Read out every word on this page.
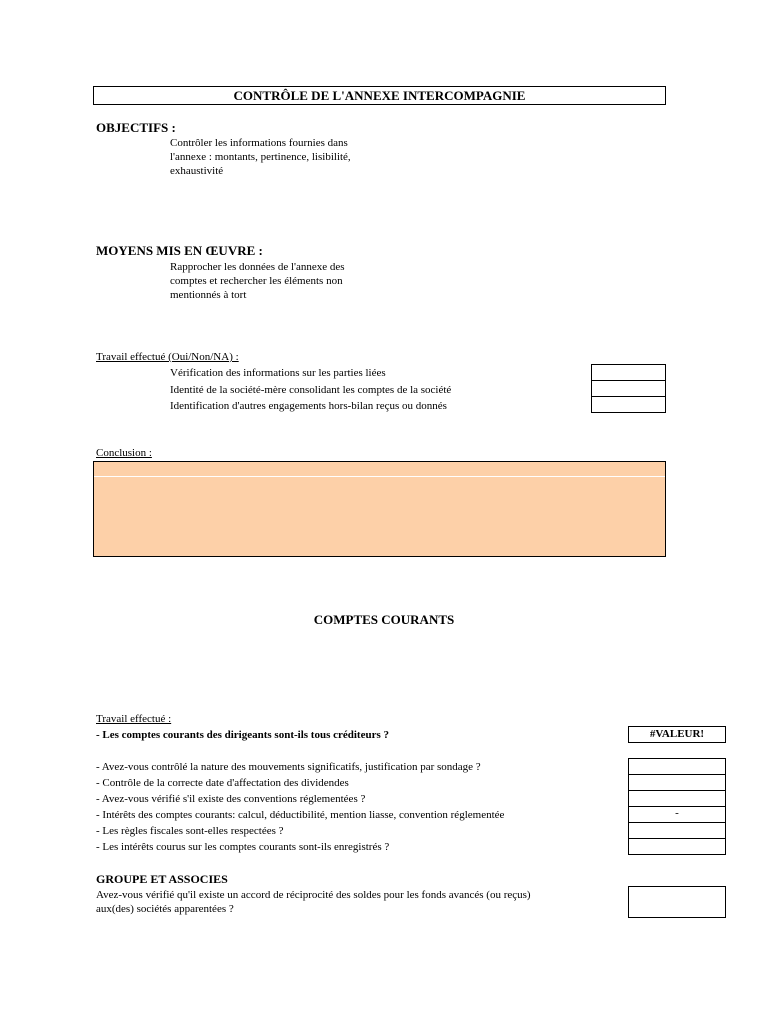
CONTRÔLE DE L'ANNEXE INTERCOMPAGNIE
OBJECTIFS :
Contrôler les informations fournies dans
l'annexe : montants, pertinence, lisibilité,
exhaustivité
MOYENS MIS EN ŒUVRE :
Rapprocher les données de l'annexe des
comptes et rechercher les éléments non
mentionnés à tort
Travail effectué (Oui/Non/NA) :
Vérification des informations sur les parties liées
Identité de la société-mère consolidant les comptes de la société
Identification d'autres engagements hors-bilan reçus ou donnés
Conclusion :
COMPTES COURANTS
Travail effectué :
- Les comptes courants des dirigeants sont-ils tous créditeurs ?	#VALEUR!
- Avez-vous contrôlé la nature des mouvements significatifs, justification par sondage ?
- Contrôle de la correcte date d'affectation des dividendes
- Avez-vous vérifié s'il existe des conventions réglementées ?
- Intérêts des comptes courants: calcul, déductibilité, mention liasse, convention réglementée
- Les règles fiscales sont-elles respectées ?
- Les intérêts courus sur les comptes courants sont-ils enregistrés ?
-
GROUPE ET ASSOCIES
Avez-vous vérifié qu'il existe un accord de réciprocité des soldes pour les fonds avancés (ou reçus)
aux(des) sociétés apparentées ?
